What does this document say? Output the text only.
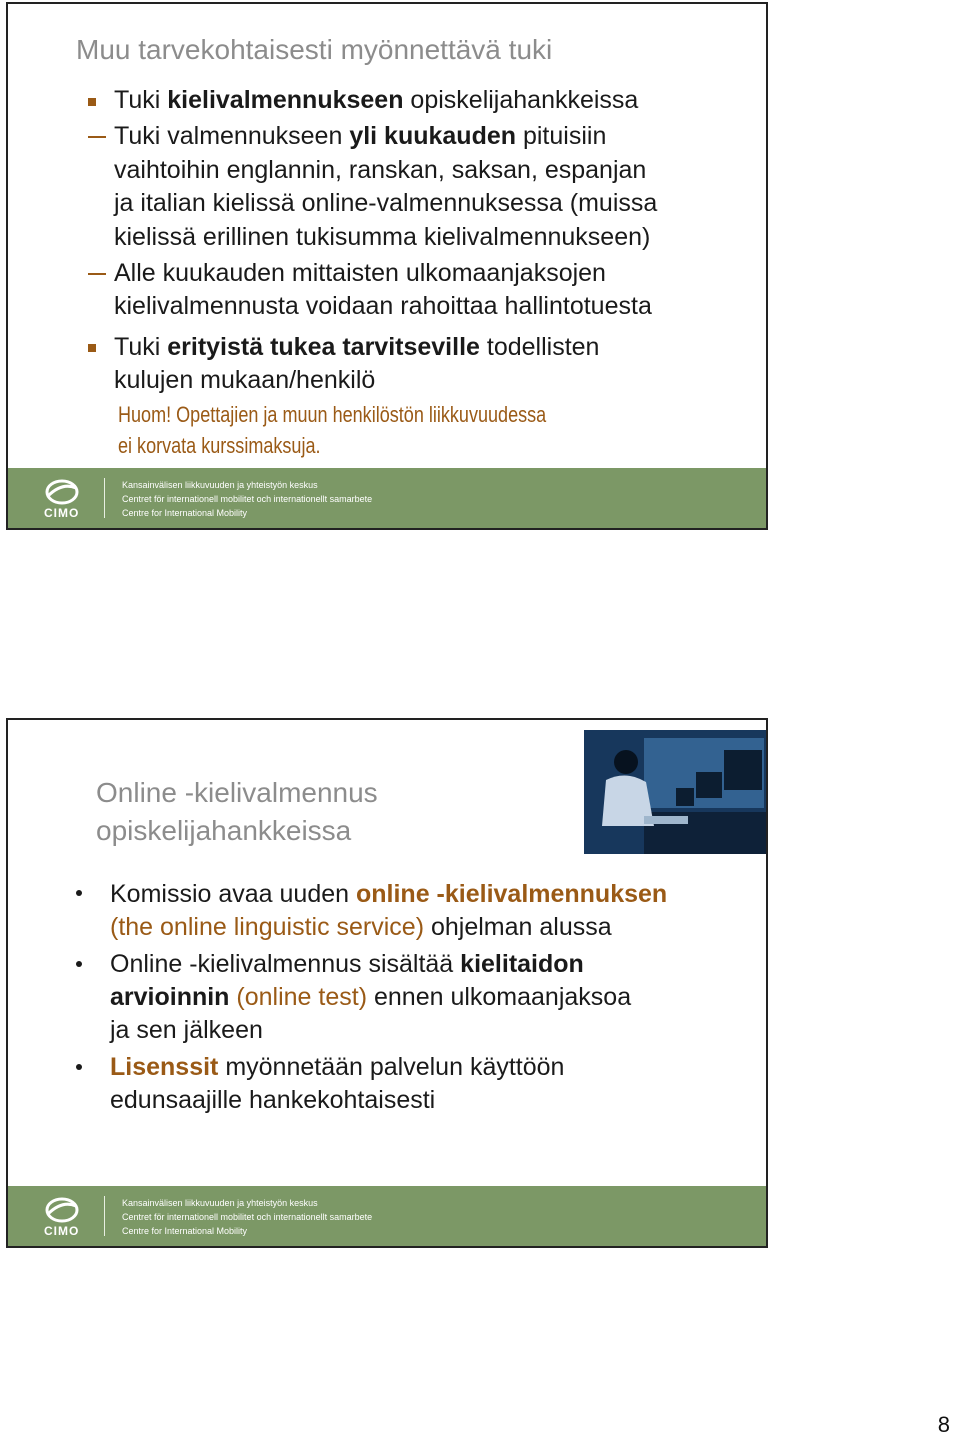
Muu tarvekohtaisesti myönnettävä tuki
Tuki kielivalmennukseen opiskelijahankkeissa
Tuki valmennukseen yli kuukauden pituisiin
vaihtoihin englannin, ranskan, saksan, espanjan
ja italian kielissä online-valmennuksessa (muissa
kielissä erillinen tukisumma kielivalmennukseen)
Alle kuukauden mittaisten ulkomaanjaksojen
kielivalmennusta voidaan rahoittaa hallintotuesta
Tuki erityistä tukea tarvitseville todellisten
kulujen mukaan/henkilö
Huom! Opettajien ja muun henkilöstön liikkuvuudessa
ei korvata kurssimaksuja.
CIMO
Kansainvälisen liikkuvuuden ja yhteistyön keskus
Centret för internationell mobilitet och internationellt samarbete
Centre for International Mobility
Online -kielivalmennus
opiskelijahankkeissa
Komissio avaa uuden online -kielivalmennuksen
(the online linguistic service) ohjelman alussa
Online -kielivalmennus sisältää kielitaidon
arvioinnin (online test) ennen ulkomaanjaksoa
ja sen jälkeen
Lisenssit myönnetään palvelun käyttöön
edunsaajille hankekohtaisesti
CIMO
Kansainvälisen liikkuvuuden ja yhteistyön keskus
Centret för internationell mobilitet och internationellt samarbete
Centre for International Mobility
8
